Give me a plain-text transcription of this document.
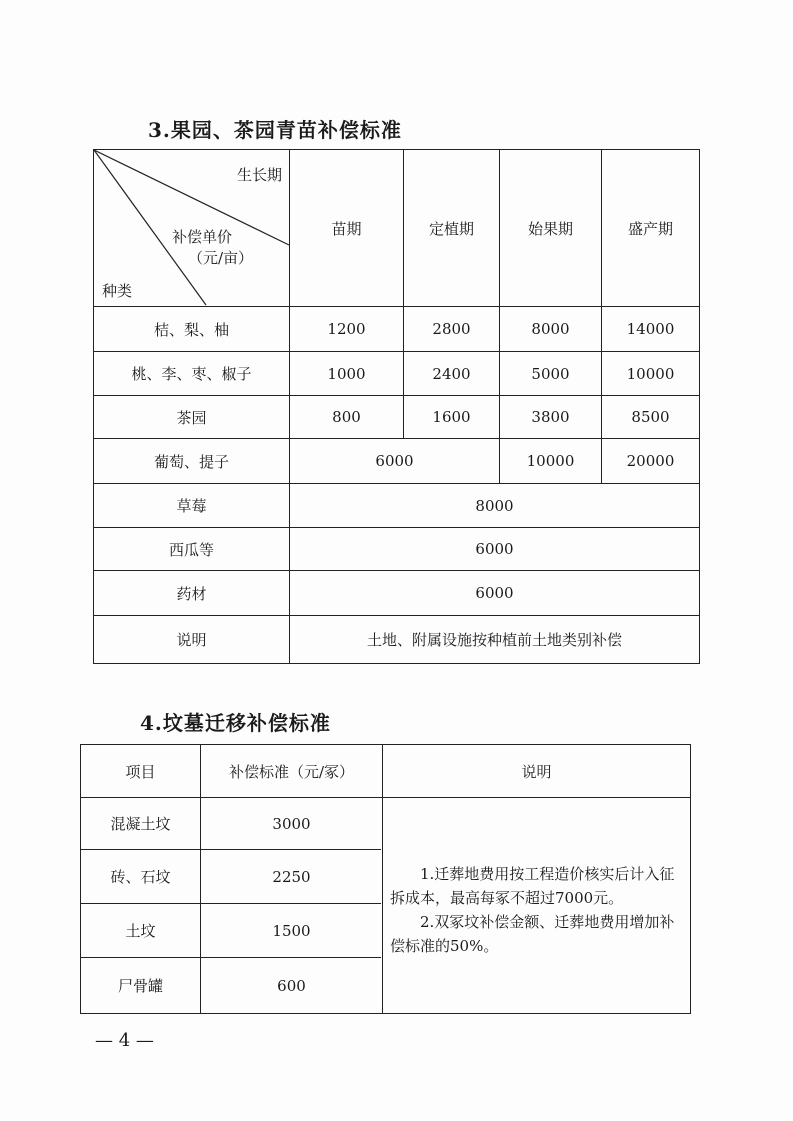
3.果园、茶园青苗补偿标准
生长期
补偿单价
（元/亩）
种类
苗期	定植期	始果期	盛产期
桔、梨、柚	1200	2800	8000	14000
桃、李、枣、椒子	1000	2400	5000	10000
茶园	800	1600	3800	8500
葡萄、提子	6000	10000	20000
草莓	8000
西瓜等	6000
药材	6000
说明	土地、附属设施按种植前土地类别补偿
4.坟墓迁移补偿标准
项目	补偿标准（元/冢）	说明
混凝土坟	3000
砖、石坟	2250
土坟	1500
尸骨罐	600

1.迁葬地费用按工程造价核实后计入征拆成本，最高每冢不超过7000元。

2.双冢坟补偿金额、迁葬地费用增加补偿标准的50%。

— 4 —
